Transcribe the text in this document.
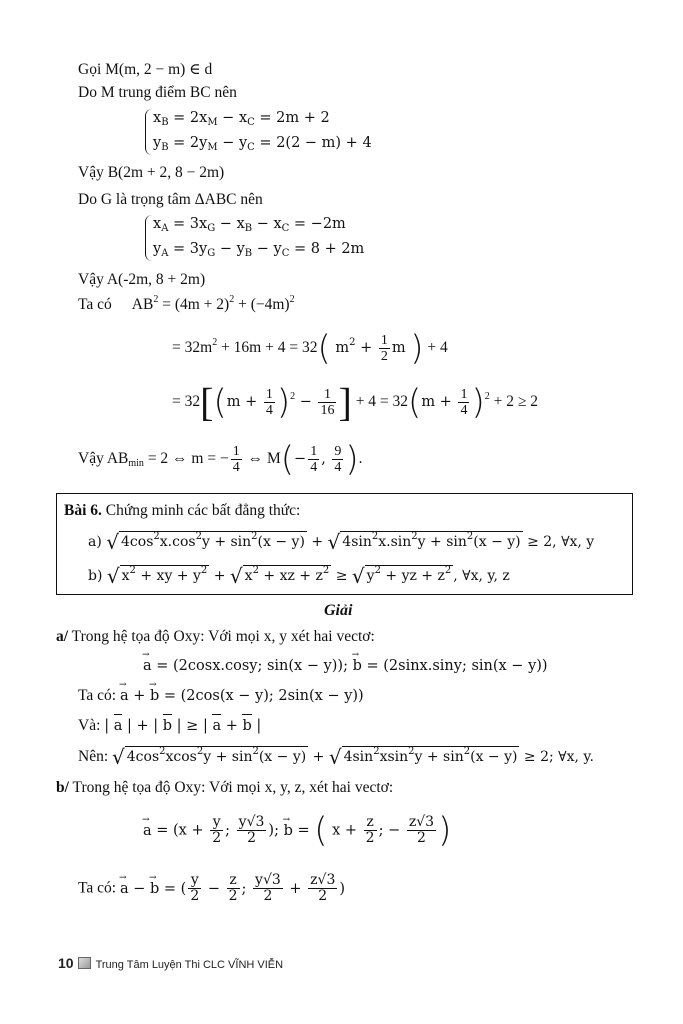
Gọi M(m, 2 − m) ∈ d
Do M trung điểm BC nên
$x_B = 2x_M - x_C = 2m + 2$
$y_B = 2y_M - y_C = 2(2 - m) + 4$
Vậy B(2m + 2, 8 − 2m)
Do G là trọng tâm ΔABC nên
$x_A = 3x_G - x_B - x_C = -2m$
$y_A = 3y_G - y_B - y_C = 8 + 2m$
Vậy A(-2m, 8 + 2m)
Ta có $AB^2 = (4m + 2)^2 + (-4m)^2$
= $32m^2 + 16m + 4 = 32$( $m^2 + \frac{1}{2}$ m ) + 4
= $32[(m + \frac{1}{4} )^2 - \frac{1}{16}$ ] + $4 = 32(m + \frac{1}{4} )^2 + 2 \ge 2$
Vậy $AB_{min} = 2$ ⇔ m = − $\frac{1}{4}$ ⇔ $M(- \frac{1}{4}$ , $\frac{9}{4}$ ).
Bài 6. Chứng minh các bất đẳng thức:
a) √ $4\cos^2x.\cos^2y + \sin^2(x - y)$ + √ $4\sin^2x.\sin^2y + \sin^2(x - y) \ge 2$, ∀x, y
b) √ $x^2$ + xy + $y^2$ + √ $x^2$ + xz + $z^2$ ≥ √ $y^2$ + yz + $z^2$ , ∀x, y, z
Giải
a/ Trong hệ tọa độ Oxy: Với mọi x, y xét hai vectơ:
→ a = (2cosx.cosy; sin(x − y)); → b = (2sinx.siny; sin(x − y))
Ta có: → a + → b = (2cos(x − y); 2sin(x − y))
Và: | a | + | b | ≥ | a + b |
Nên: √ $4\cos^2xcos^2y + \sin^2(x - y)$ + √ $4\sin^2xsin^2y + \sin^2(x - y) \ge 2$; ∀x, y.
b/ Trong hệ tọa độ Oxy: Với mọi x, y, z, xét hai vectơ:
→ $a = (x + \frac{y}{2}$ ; $\frac{y√3}{2}$ ); → b = ( $x + \frac{z}{2}$ ; − $\frac{z√3}{2}$ )
Ta có: → a − → b = ( $\frac{y}{2} - \frac{z}{2}$ ; $\frac{y√3}{2} + \frac{z√3}{2}$ )
10 Trung Tâm Luyện Thi CLC VĨNH VIỄN
